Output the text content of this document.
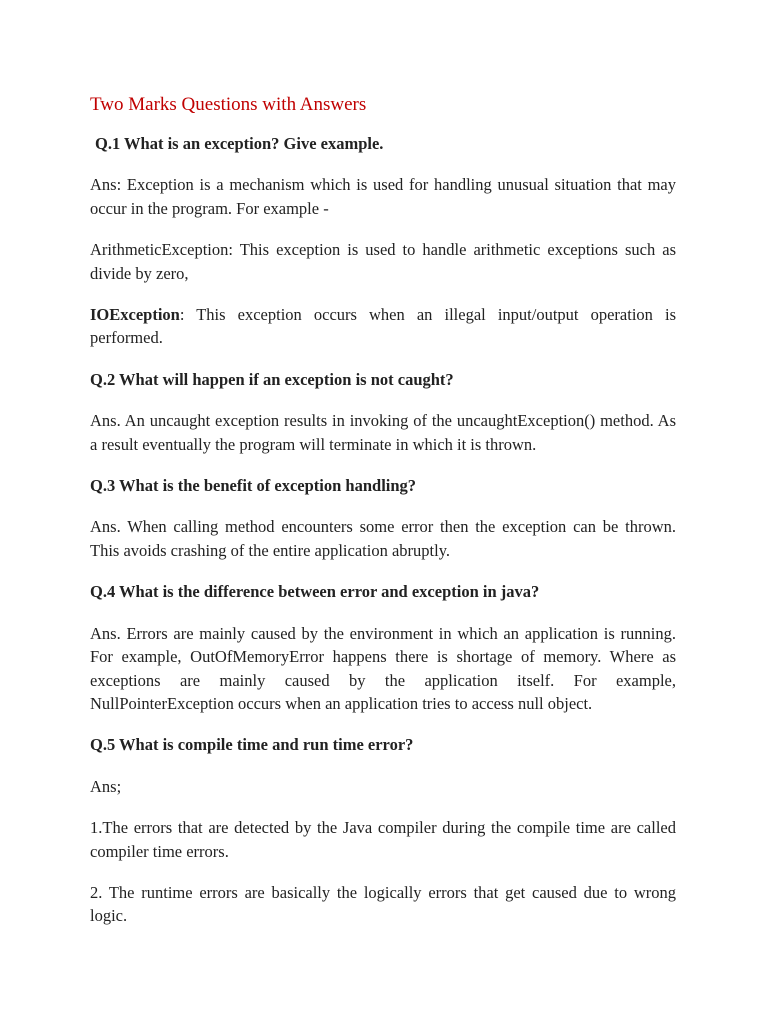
Two Marks Questions with Answers
Q.1 What is an exception? Give example.
Ans: Exception is a mechanism which is used for handling unusual situation that may occur in the program. For example -
ArithmeticException: This exception is used to handle arithmetic exceptions such as divide by zero,
IOException: This exception occurs when an illegal input/output operation is performed.
Q.2 What will happen if an exception is not caught?
Ans. An uncaught exception results in invoking of the uncaughtException() method. As a result eventually the program will terminate in which it is thrown.
Q.3 What is the benefit of exception handling?
Ans. When calling method encounters some error then the exception can be thrown. This avoids crashing of the entire application abruptly.
Q.4 What is the difference between error and exception in java?
Ans. Errors are mainly caused by the environment in which an application is running. For example, OutOfMemoryError happens there is shortage of memory. Where as exceptions are mainly caused by the application itself. For example, NullPointerException occurs when an application tries to access null object.
Q.5 What is compile time and run time error?
Ans;
1.The errors that are detected by the Java compiler during the compile time are called compiler time errors.
2. The runtime errors are basically the logically errors that get caused due to wrong logic.
